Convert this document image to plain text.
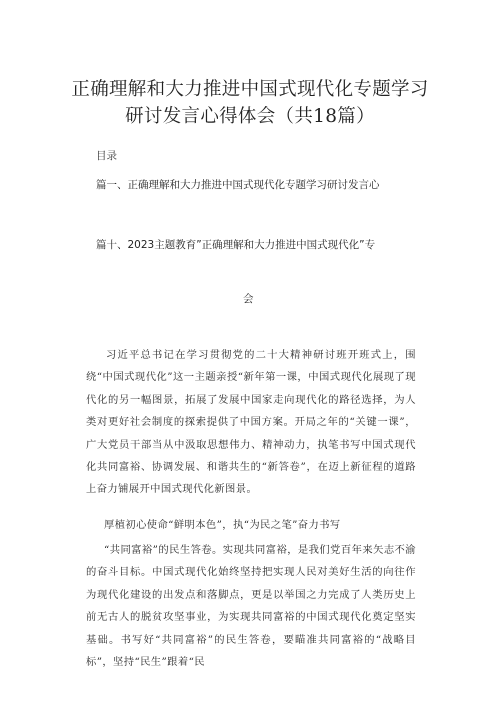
正确理解和大力推进中国式现代化专题学习研讨发言心得体会（共18篇）
目录
篇一、正确理解和大力推进中国式现代化专题学习研讨发言心
篇十、2023主题教育”正确理解和大力推进中国式现代化”专
会
习近平总书记在学习贯彻党的二十大精神研讨班开班式上，围绕“中国式现代化”这一主题亲授“新年第一课，中国式现代化展现了现代化的另一幅图景，拓展了发展中国家走向现代化的路径选择，为人类对更好社会制度的探索提供了中国方案。开局之年的“关键一课”，广大党员干部当从中汲取思想伟力、精神动力，执笔书写中国式现代化共同富裕、协调发展、和谐共生的“新答卷”，在迈上新征程的道路上奋力铺展开中国式现代化新图景。
厚植初心使命“鲜明本色”，执“为民之笔”奋力书写
“共同富裕”的民生答卷。实现共同富裕，是我们党百年来矢志不渝的奋斗目标。中国式现代化始终坚持把实现人民对美好生活的向往作为现代化建设的出发点和落脚点，更是以举国之力完成了人类历史上前无古人的脱贫攻坚事业，为实现共同富裕的中国式现代化奠定坚实基础。书写好“共同富裕”的民生答卷，要瞄准共同富裕的“战略目标”，坚持“民生”跟着“民
